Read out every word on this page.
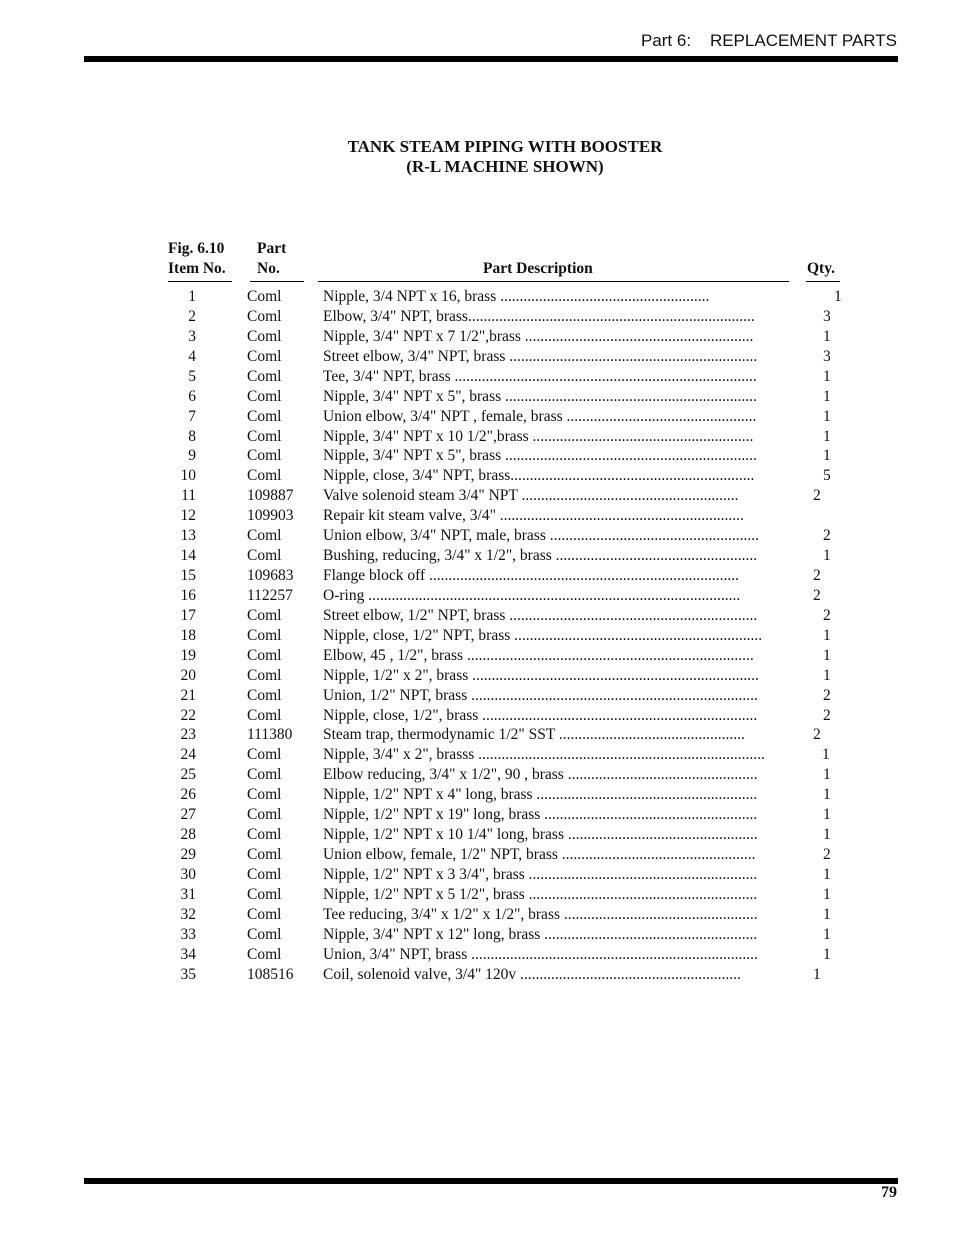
Part 6:    REPLACEMENT PARTS
TANK STEAM PIPING WITH BOOSTER
(R-L MACHINE SHOWN)
Fig. 6.10
Item No.
Part
No.	Part Description	Qty.
1	Coml	Nipple, 3/4 NPT x 16, brass ......................................................	1
2	Coml	Elbow, 3/4" NPT, brass..........................................................................	3
3	Coml	Nipple, 3/4" NPT x 7 1/2",brass ...........................................................	1
4	Coml	Street elbow, 3/4" NPT, brass ................................................................	3
5	Coml	Tee, 3/4" NPT, brass ..............................................................................	1
6	Coml	Nipple, 3/4" NPT x 5", brass .................................................................	1
7	Coml	Union elbow, 3/4" NPT , female, brass .................................................	1
8	Coml	Nipple, 3/4" NPT x 10 1/2",brass .........................................................	1
9	Coml	Nipple, 3/4" NPT x 5", brass .................................................................	1
10	Coml	Nipple, close, 3/4" NPT, brass...............................................................	5
11	109887 Valve solenoid steam 3/4" NPT ........................................................	2
12	109903 Repair kit steam valve, 3/4" ...............................................................
13	Coml	Union elbow, 3/4" NPT, male, brass ......................................................	2
14	Coml	Bushing, reducing, 3/4" x 1/2", brass ....................................................	1
15	109683 Flange block off ................................................................................	2
16	112257 O-ring ................................................................................................	2
17	Coml	Street elbow, 1/2" NPT, brass ................................................................	2
18	Coml	Nipple, close, 1/2" NPT, brass ................................................................	1
19	Coml	Elbow, 45 , 1/2", brass ..........................................................................	1
20	Coml	Nipple, 1/2" x 2", brass ..........................................................................	1
21	Coml	Union, 1/2" NPT, brass ..........................................................................	2
22	Coml	Nipple, close, 1/2", brass .......................................................................	2
23	111380 Steam trap, thermodynamic 1/2" SST ................................................	2
24	Coml	Nipple, 3/4" x 2", brasss ..........................................................................	1
25	Coml	Elbow reducing, 3/4" x 1/2", 90 , brass .................................................	1
26	Coml	Nipple, 1/2" NPT x 4" long, brass .........................................................	1
27	Coml	Nipple, 1/2" NPT x 19" long, brass .......................................................	1
28	Coml	Nipple, 1/2" NPT x 10 1/4" long, brass .................................................	1
29	Coml	Union elbow, female, 1/2" NPT, brass ..................................................	2
30	Coml	Nipple, 1/2" NPT x 3 3/4", brass ...........................................................	1
31	Coml	Nipple, 1/2" NPT x 5 1/2", brass ...........................................................	1
32	Coml	Tee reducing, 3/4" x 1/2" x 1/2", brass ..................................................	1
33	Coml	Nipple, 3/4" NPT x 12" long, brass .......................................................	1
34	Coml	Union, 3/4" NPT, brass ..........................................................................	1
35	108516 Coil, solenoid valve, 3/4" 120v .........................................................	1
79
